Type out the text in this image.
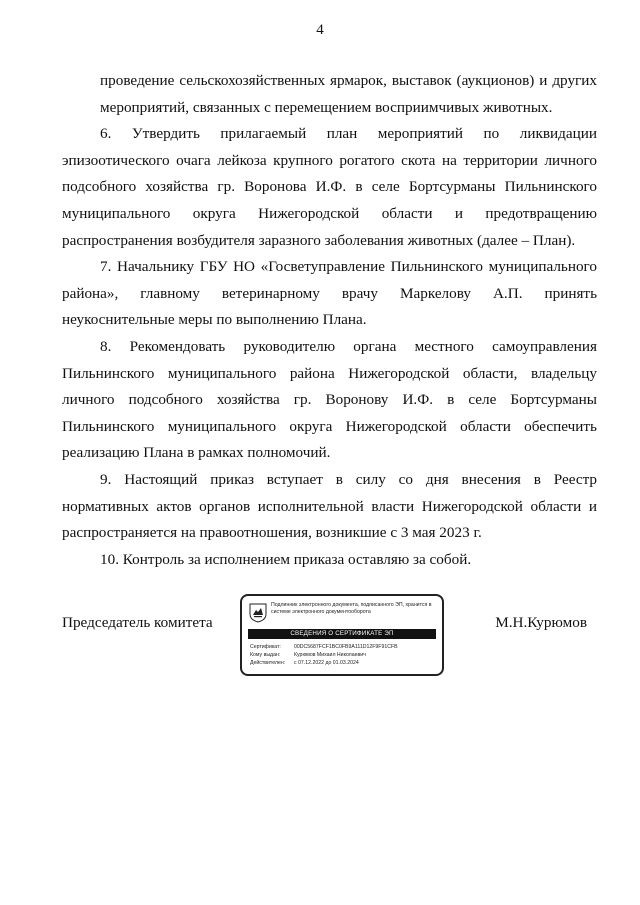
4

проведение сельскохозяйственных ярмарок, выставок (аукционов) и других мероприятий, связанных с перемещением восприимчивых животных.

6. Утвердить прилагаемый план мероприятий по ликвидации эпизоотического очага лейкоза крупного рогатого скота на территории личного подсобного хозяйства гр. Воронова И.Ф. в селе Бортсурманы Пильнинского муниципального округа Нижегородской области и предотвращению распространения возбудителя заразного заболевания животных (далее – План).

7. Начальнику ГБУ НО «Госветуправление Пильнинского муниципального района», главному ветеринарному врачу Маркелову А.П. принять неукоснительные меры по выполнению Плана.

8. Рекомендовать руководителю органа местного самоуправления Пильнинского муниципального района Нижегородской области, владельцу личного подсобного хозяйства гр. Воронову И.Ф. в селе Бортсурманы Пильнинского муниципального округа Нижегородской области обеспечить реализацию Плана в рамках полномочий.

9. Настоящий приказ вступает в силу со дня внесения в Реестр нормативных актов органов исполнительной власти Нижегородской области и распространяется на правоотношения, возникшие с 3 мая 2023 г.

10. Контроль за исполнением приказа оставляю за собой.

Председатель комитета
Подлинник электронного документа, подписанного ЭП, хранится в системе электронного документооборота
СВЕДЕНИЯ О СЕРТИФИКАТЕ ЭП
Сертификат:	00DC5687FCF1BC0FB9A111D12F9F91CFB
Кому выдан:	Курюмов Михаил Николаевич
Действителен: с 07.12.2022 до 01.03.2024
М.Н.Курюмов
